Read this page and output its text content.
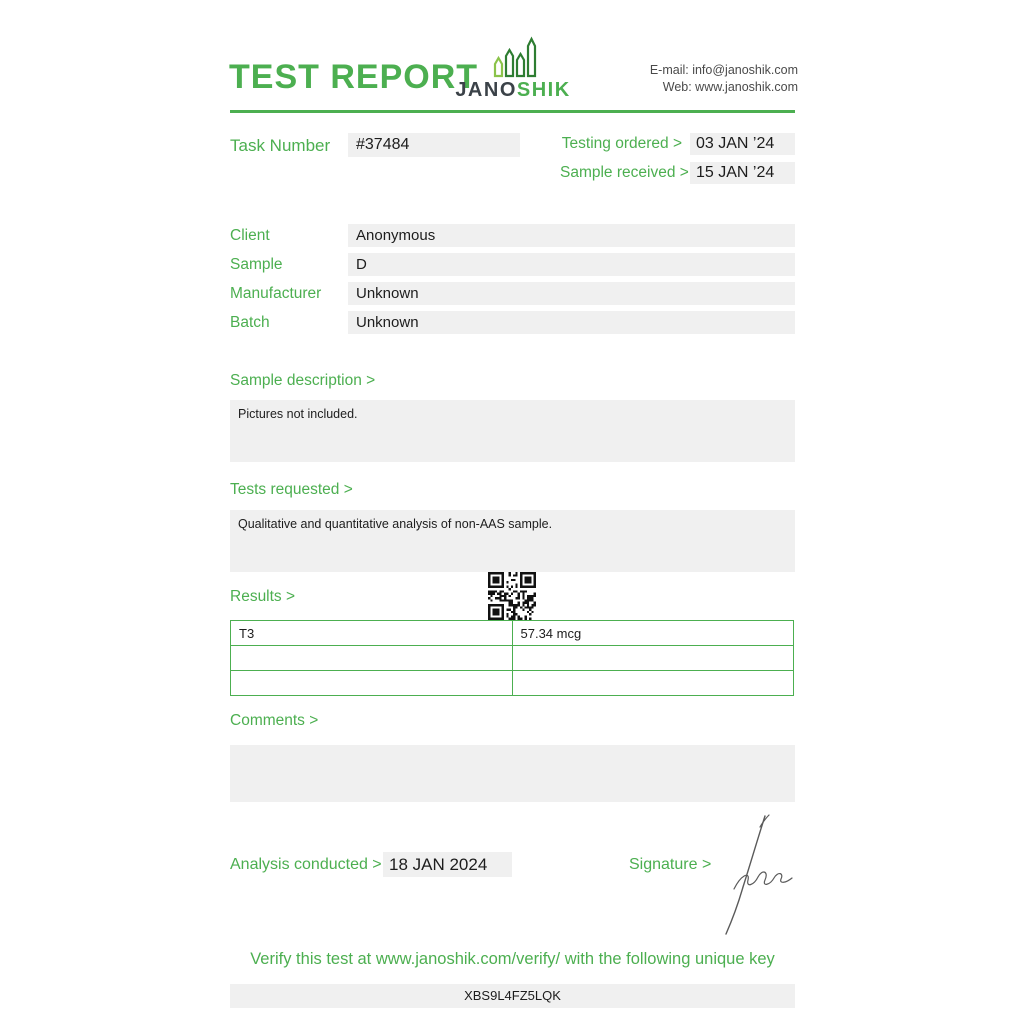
TEST REPORT
JANOSHIK
E-mail: info@janoshik.com
Web: www.janoshik.com
Task Number	#37484	Testing ordered > 03 JAN ’24
Sample received > 15 JAN ’24
Client	Anonymous
Sample	D
Manufacturer	Unknown
Batch	Unknown
Sample description >
Pictures not included.
Tests requested >
Qualitative and quantitative analysis of non-AAS sample.
Results >
T3	57.34 mcg

Comments >
Analysis conducted > 18 JAN 2024	Signature >
Verify this test at www.janoshik.com/verify/ with the following unique key
XBS9L4FZ5LQK
